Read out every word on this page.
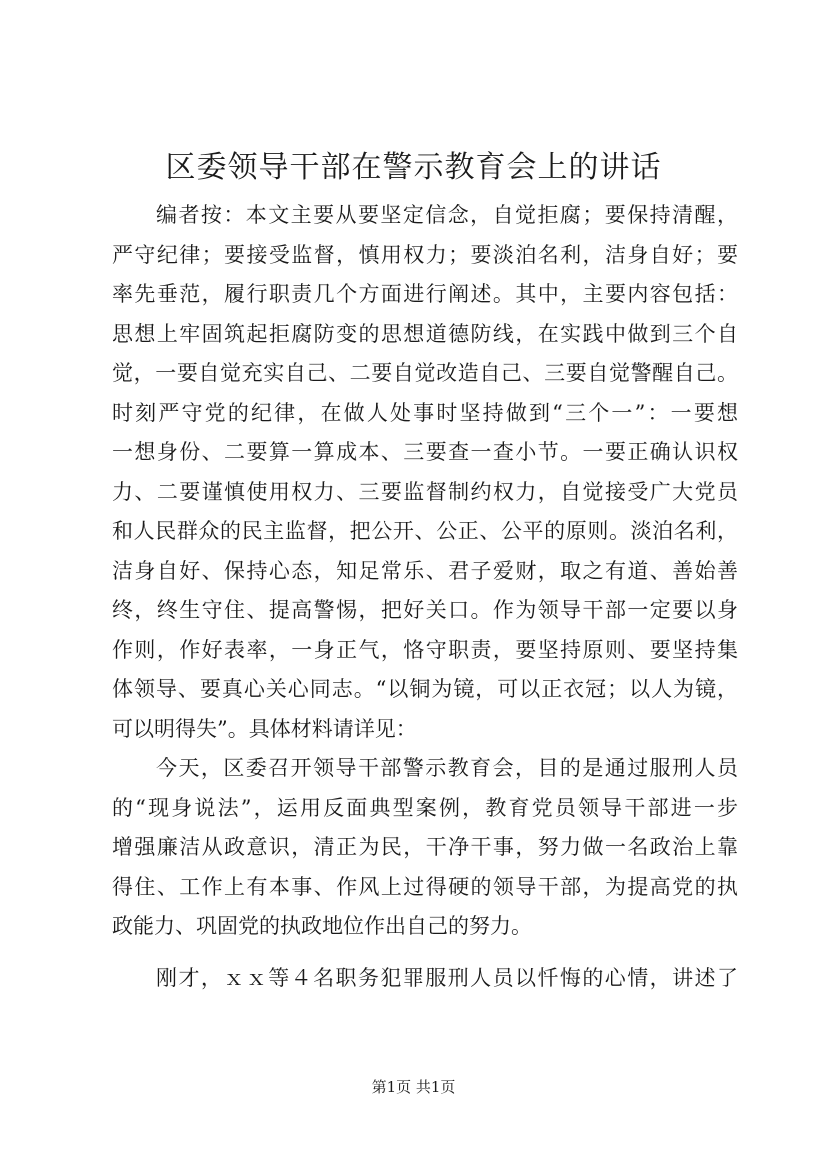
区委领导干部在警示教育会上的讲话
编者按：本文主要从要坚定信念，自觉拒腐；要保持清醒，
严守纪律；要接受监督，慎用权力；要淡泊名利，洁身自好；要
率先垂范，履行职责几个方面进行阐述。其中，主要内容包括：
思想上牢固筑起拒腐防变的思想道德防线，在实践中做到三个自
觉，一要自觉充实自己、二要自觉改造自己、三要自觉警醒自己。
时刻严守党的纪律，在做人处事时坚持做到“三个一”：一要想
一想身份、二要算一算成本、三要查一查小节。一要正确认识权
力、二要谨慎使用权力、三要监督制约权力，自觉接受广大党员
和人民群众的民主监督，把公开、公正、公平的原则。淡泊名利，
洁身自好、保持心态，知足常乐、君子爱财，取之有道、善始善
终，终生守住、提高警惕，把好关口。作为领导干部一定要以身
作则，作好表率，一身正气，恪守职责，要坚持原则、要坚持集
体领导、要真心关心同志。“以铜为镜，可以正衣冠；以人为镜，
可以明得失”。具体材料请详见：
今天，区委召开领导干部警示教育会，目的是通过服刑人员
的“现身说法”，运用反面典型案例，教育党员领导干部进一步
增强廉洁从政意识，清正为民，干净干事，努力做一名政治上靠
得住、工作上有本事、作风上过得硬的领导干部，为提高党的执
政能力、巩固党的执政地位作出自己的努力。
刚才，ｘｘ等４名职务犯罪服刑人员以忏悔的心情，讲述了
第1页 共1页
